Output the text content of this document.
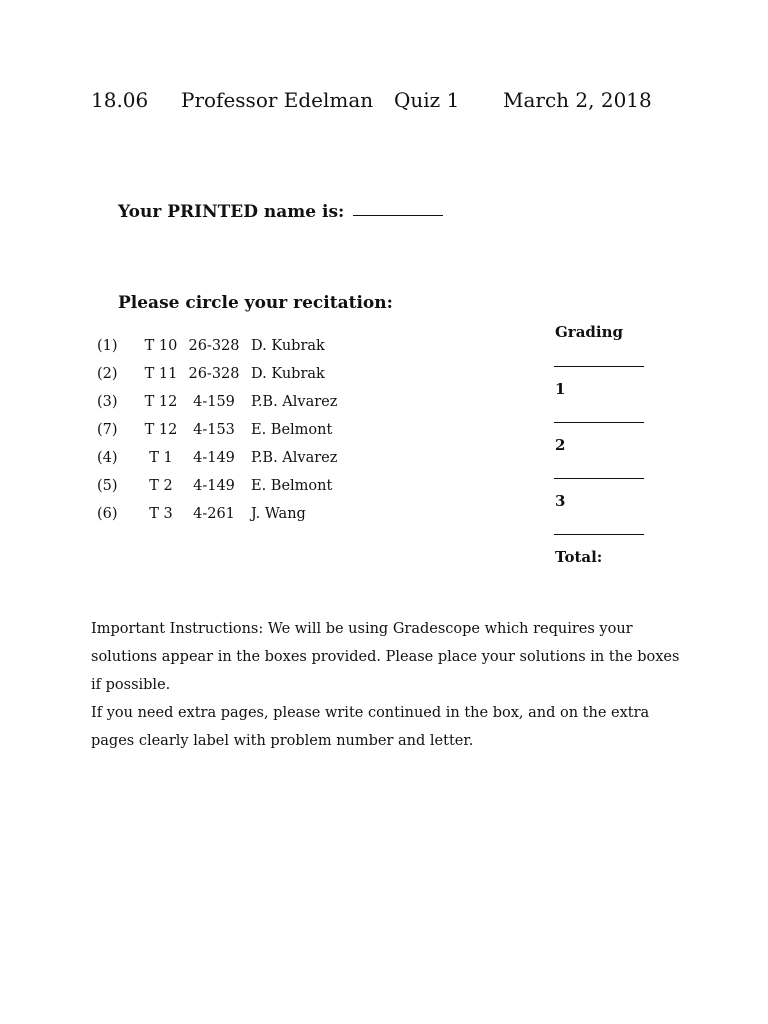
18.06 Professor Edelman Quiz 1 March 2, 2018
Your PRINTED name is:
Please circle your recitation:
(1)	T 10	26-328	D. Kubrak
(2)	T 11	26-328	D. Kubrak
(3)	T 12	4-159	P.B. Alvarez
(7)	T 12	4-153	E. Belmont
(4)	T 1	4-149	P.B. Alvarez
(5)	T 2	4-149	E. Belmont
(6)	T 3	4-261	J. Wang
Grading
1
2
3
Total:

Important Instructions: We will be using Gradescope which requires your solutions appear in the boxes provided. Please place your solutions in the boxes if possible.

If you need extra pages, please write continued in the box, and on the extra pages clearly label with problem number and letter.
